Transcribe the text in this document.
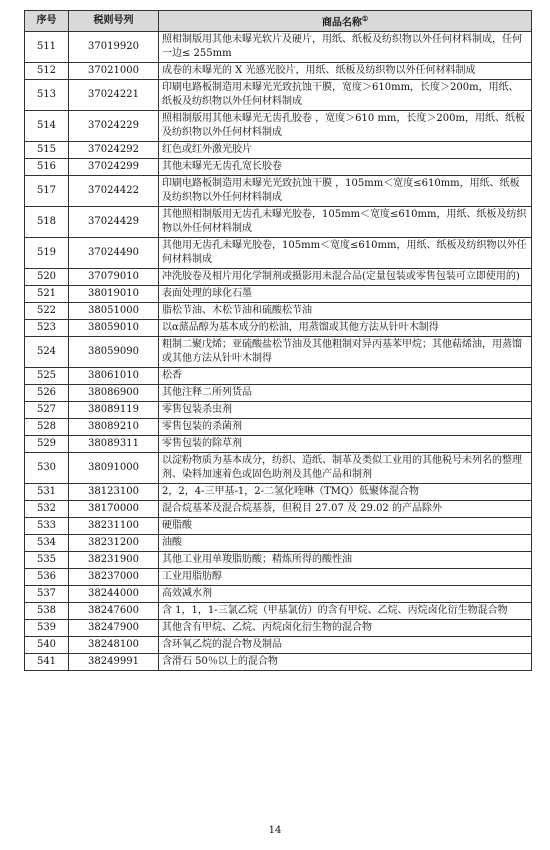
序号	税则号列	商品名称①
511	37019920	照相制版用其他未曝光软片及硬片，用纸、纸板及纺织物以外任何材料制成，任何一边≤ 255mm
512	37021000	成卷的未曝光的 X 光感光胶片，用纸、纸板及纺织物以外任何材料制成
513	37024221	印刷电路板制造用未曝光光致抗蚀干膜，宽度＞610mm，长度＞200m，用纸、纸板及纺织物以外任何材料制成
514	37024229	照相制版用其他未曝光无齿孔胶卷 ，宽度＞610 mm，长度＞200m，用纸、纸板及纺织物以外任何材料制成
515	37024292	红色或红外激光胶片
516	37024299	其他未曝光无齿孔宽长胶卷
517	37024422	印刷电路板制造用未曝光光致抗蚀干膜 ，105mm＜宽度≤610mm，用纸、纸板及纺织物以外任何材料制成
518	37024429	其他照相制版用无齿孔未曝光胶卷，105mm＜宽度≤610mm，用纸、纸板及纺织物以外任何材料制成
519	37024490	其他用无齿孔未曝光胶卷，105mm＜宽度≤610mm，用纸、纸板及纺织物以外任何材料制成
520	37079010	冲洗胶卷及相片用化学制剂或摄影用未混合品(定量包装或零售包装可立即使用的)
521	38019010	表面处理的球化石墨
522	38051000	脂松节油、木松节油和硫酸松节油
523	38059010	以α蒎品醇为基本成分的松油，用蒸馏或其他方法从针叶木制得
524	38059090	粗制二聚戊烯；亚硫酸盐松节油及其他粗制对异丙基苯甲烷；其他萜烯油，用蒸馏或其他方法从针叶木制得
525	38061010	松香
526	38086900	其他注释二所列货品
527	38089119	零售包装杀虫剂
528	38089210	零售包装的杀菌剂
529	38089311	零售包装的除草剂
530	38091000	以淀粉物质为基本成分，纺织、造纸、制革及类似工业用的其他税号未列名的整理剂、染料加速着色或固色助剂及其他产品和制剂
531	38123100	2，2，4-三甲基-1，2-二氢化喹啉（TMQ）低聚体混合物
532	38170000	混合烷基苯及混合烷基萘，但税目 27.07 及 29.02 的产品除外
533	38231100	硬脂酸
534	38231200	油酸
535	38231900	其他工业用单羧脂肪酸；精炼所得的酸性油
536	38237000	工业用脂肪醇
537	38244000	高效减水剂
538	38247600	含 1，1，1-三氯乙烷（甲基氯仿）的含有甲烷、乙烷、丙烷卤化衍生物混合物
539	38247900	其他含有甲烷、乙烷、丙烷卤化衍生物的混合物
540	38248100	含环氧乙烷的混合物及制品
541	38249991	含滑石 50％以上的混合物
14
